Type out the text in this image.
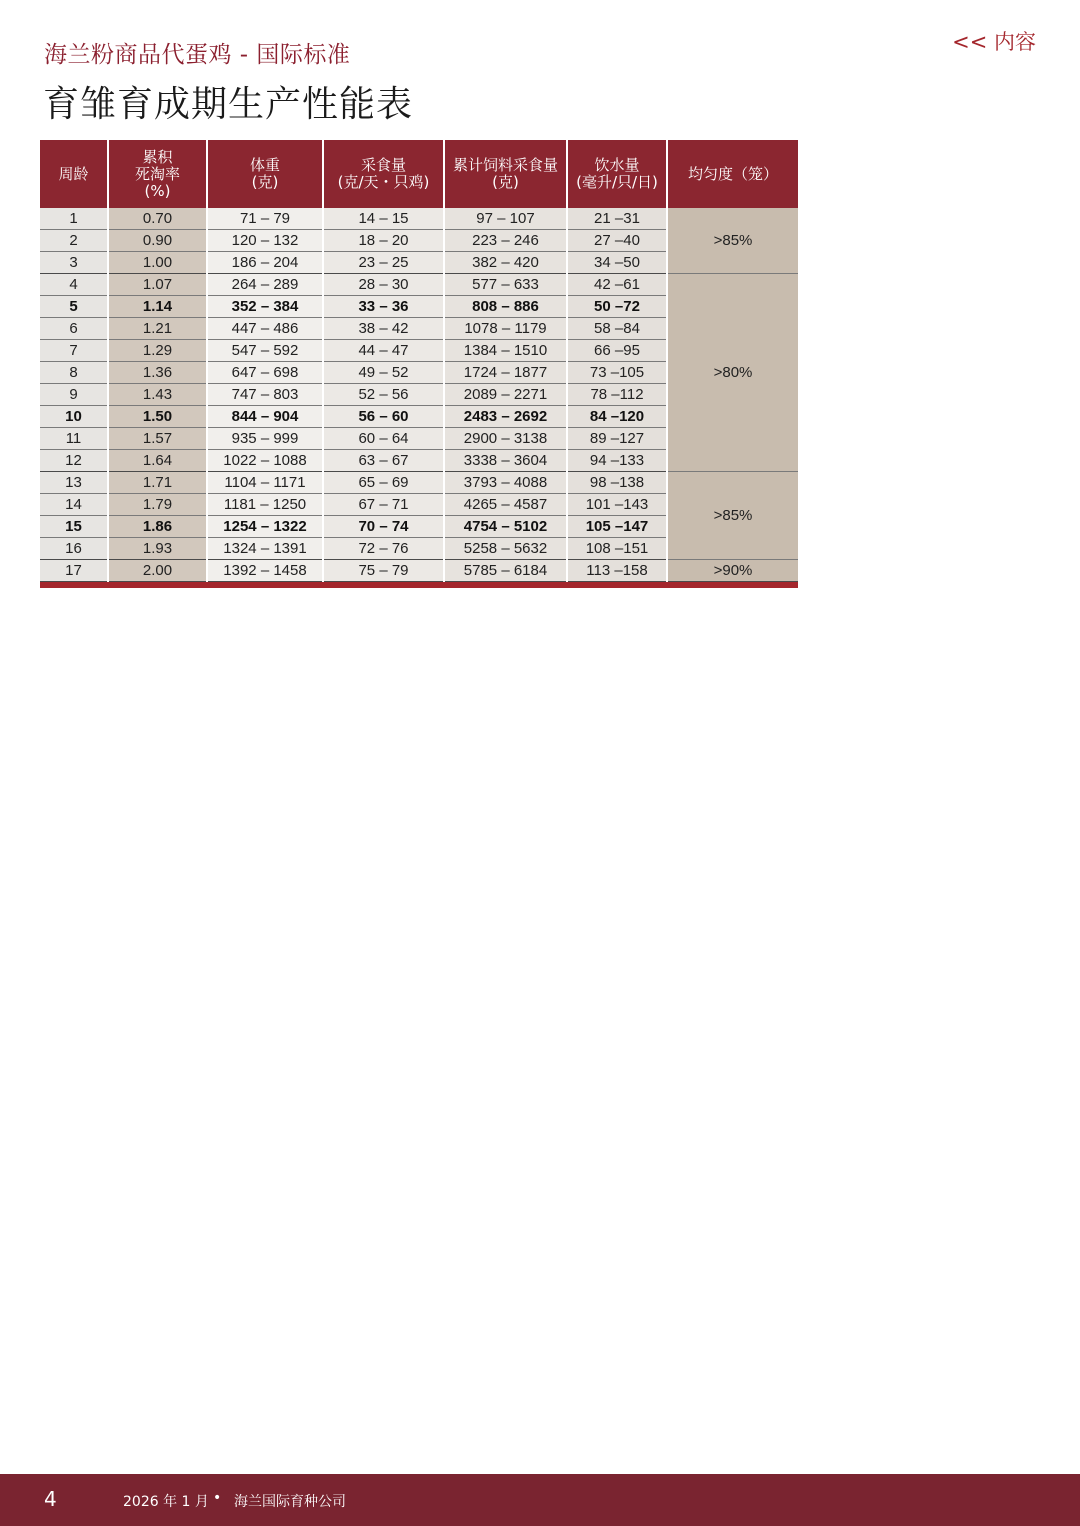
<< 内容
海兰粉商品代蛋鸡 - 国际标准
育雏育成期生产性能表
周龄	累积
死淘率
(%)	体重
(克)	采食量
(克/天・只鸡)	累计饲料采食量
(克)	饮水量
(毫升/只/日)	均匀度（笼）
1	0.70	71 – 79	14 – 15	97 – 107	21 –31	>85%
2	0.90	120 – 132	18 – 20	223 – 246	27 –40	
3	1.00	186 – 204	23 – 25	382 – 420	34 –50	
4	1.07	264 – 289	28 – 30	577 – 633	42 –61	>80%
5	1.14	352 – 384	33 – 36	808 – 886	50 –72	
6	1.21	447 – 486	38 – 42	1078 – 1179	58 –84	
7	1.29	547 – 592	44 – 47	1384 – 1510	66 –95	
8	1.36	647 – 698	49 – 52	1724 – 1877	73 –105	
9	1.43	747 – 803	52 – 56	2089 – 2271	78 –112	
10	1.50	844 – 904	56 – 60	2483 – 2692	84 –120	
11	1.57	935 – 999	60 – 64	2900 – 3138	89 –127	
12	1.64	1022 – 1088	63 – 67	3338 – 3604	94 –133	
13	1.71	1104 – 1171	65 – 69	3793 – 4088	98 –138	>85%
14	1.79	1181 – 1250	67 – 71	4265 – 4587	101 –143	
15	1.86	1254 – 1322	70 – 74	4754 – 5102	105 –147	
16	1.93	1324 – 1391	72 – 76	5258 – 5632	108 –151	
17	2.00	1392 – 1458	75 – 79	5785 – 6184	113 –158	>90%
4	2026 年 1 月 • 海兰国际育种公司
